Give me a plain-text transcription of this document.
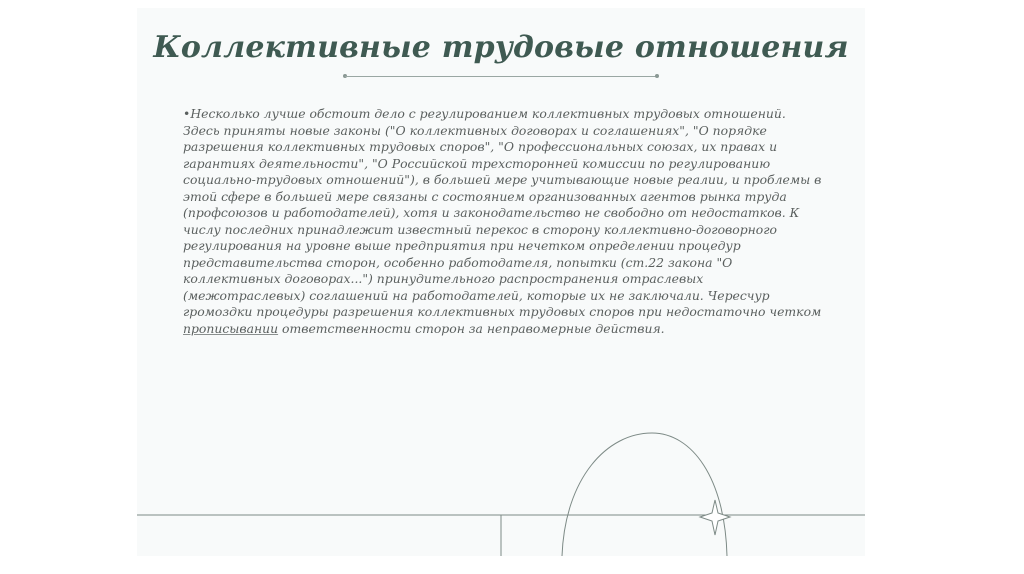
Коллективные трудовые отношения

•Несколько лучше обстоит дело с регулированием коллективных трудовых отношений. Здесь приняты новые законы ("О коллективных договорах и соглашениях", "О порядке разрешения коллективных трудовых споров", "О профессиональных союзах, их правах и гарантиях деятельности", "О Российской трехсторонней комиссии по регулированию социально-трудовых отношений"), в большей мере учитывающие новые реалии, и проблемы в этой сфере в большей мере связаны с состоянием организованных агентов рынка труда (профсоюзов и работодателей), хотя и законодательство не свободно от недостатков. К числу последних принадлежит известный перекос в сторону коллективно-договорного регулирования на уровне выше предприятия при нечетком определении процедур представительства сторон, особенно работодателя, попытки (ст.22 закона "О коллективных договорах...") принудительного распространения отраслевых (межотраслевых) соглашений на работодателей, которые их не заключали. Чересчур громоздки процедуры разрешения коллективных трудовых споров при недостаточно четком прописывании ответственности сторон за неправомерные действия.
